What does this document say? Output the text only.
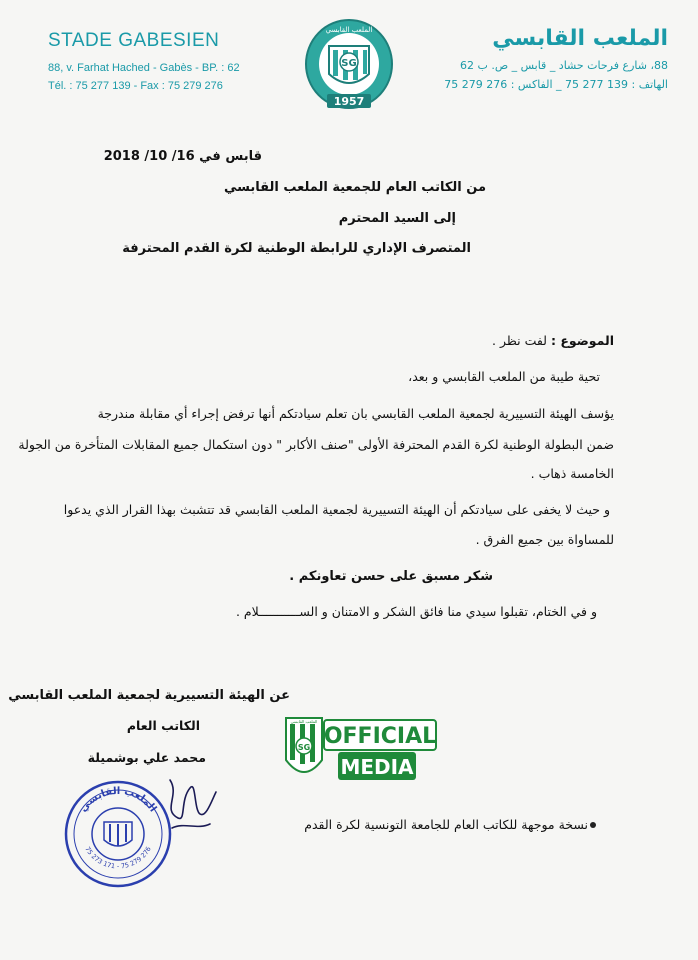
STADE GABESIEN
88, v. Farhat Hached - Gabès - BP. : 62
Tél. : 75 277 139 - Fax : 75 279 276
SG
1957
الملعب القابسي	الملعب القابسي
88، شارع فرحات حشاد _ قابس _ ص. ب 62
الهاتف : 139 277 75 _ الفاكس : 276 279 75
قابس في 16/ 10/ 2018
من الكاتب العام للجمعية الملعب القابسي
إلى السيد المحترم
المتصرف الإداري للرابطة الوطنية لكرة القدم المحترفة
الموضوع : لفت نظر .
تحية طيبة من الملعب القابسي و بعد،
يؤسف الهيئة التسييرية لجمعية الملعب القابسي بان تعلم سيادتكم أنها ترفض إجراء أي مقابلة مندرجة
ضمن البطولة الوطنية لكرة القدم المحترفة الأولى "صنف الأكابر " دون استكمال جميع المقابلات المتأخرة من الجولة
الخامسة ذهاب .
و حيث لا يخفى على سيادتكم أن الهيئة التسييرية لجمعية الملعب القابسي قد تتشبث بهذا القرار الذي يدعوا
للمساواة بين جميع الفرق .
شكر مسبق على حسن تعاونكم .
و في الختام، تقبلوا سيدي منا فائق الشكر و الامتنان و الســـــــــــلام .
عن الهيئة التسييرية لجمعية الملعب القابسي
الكاتب العام
محمد علي بوشميلة
SG
الملعب القابسي
OFFICIAL
MEDIA
الملعب القابسي
75 273 171 - 75 279 276
نسخة موجهة للكاتب العام للجامعة التونسية لكرة القدم
